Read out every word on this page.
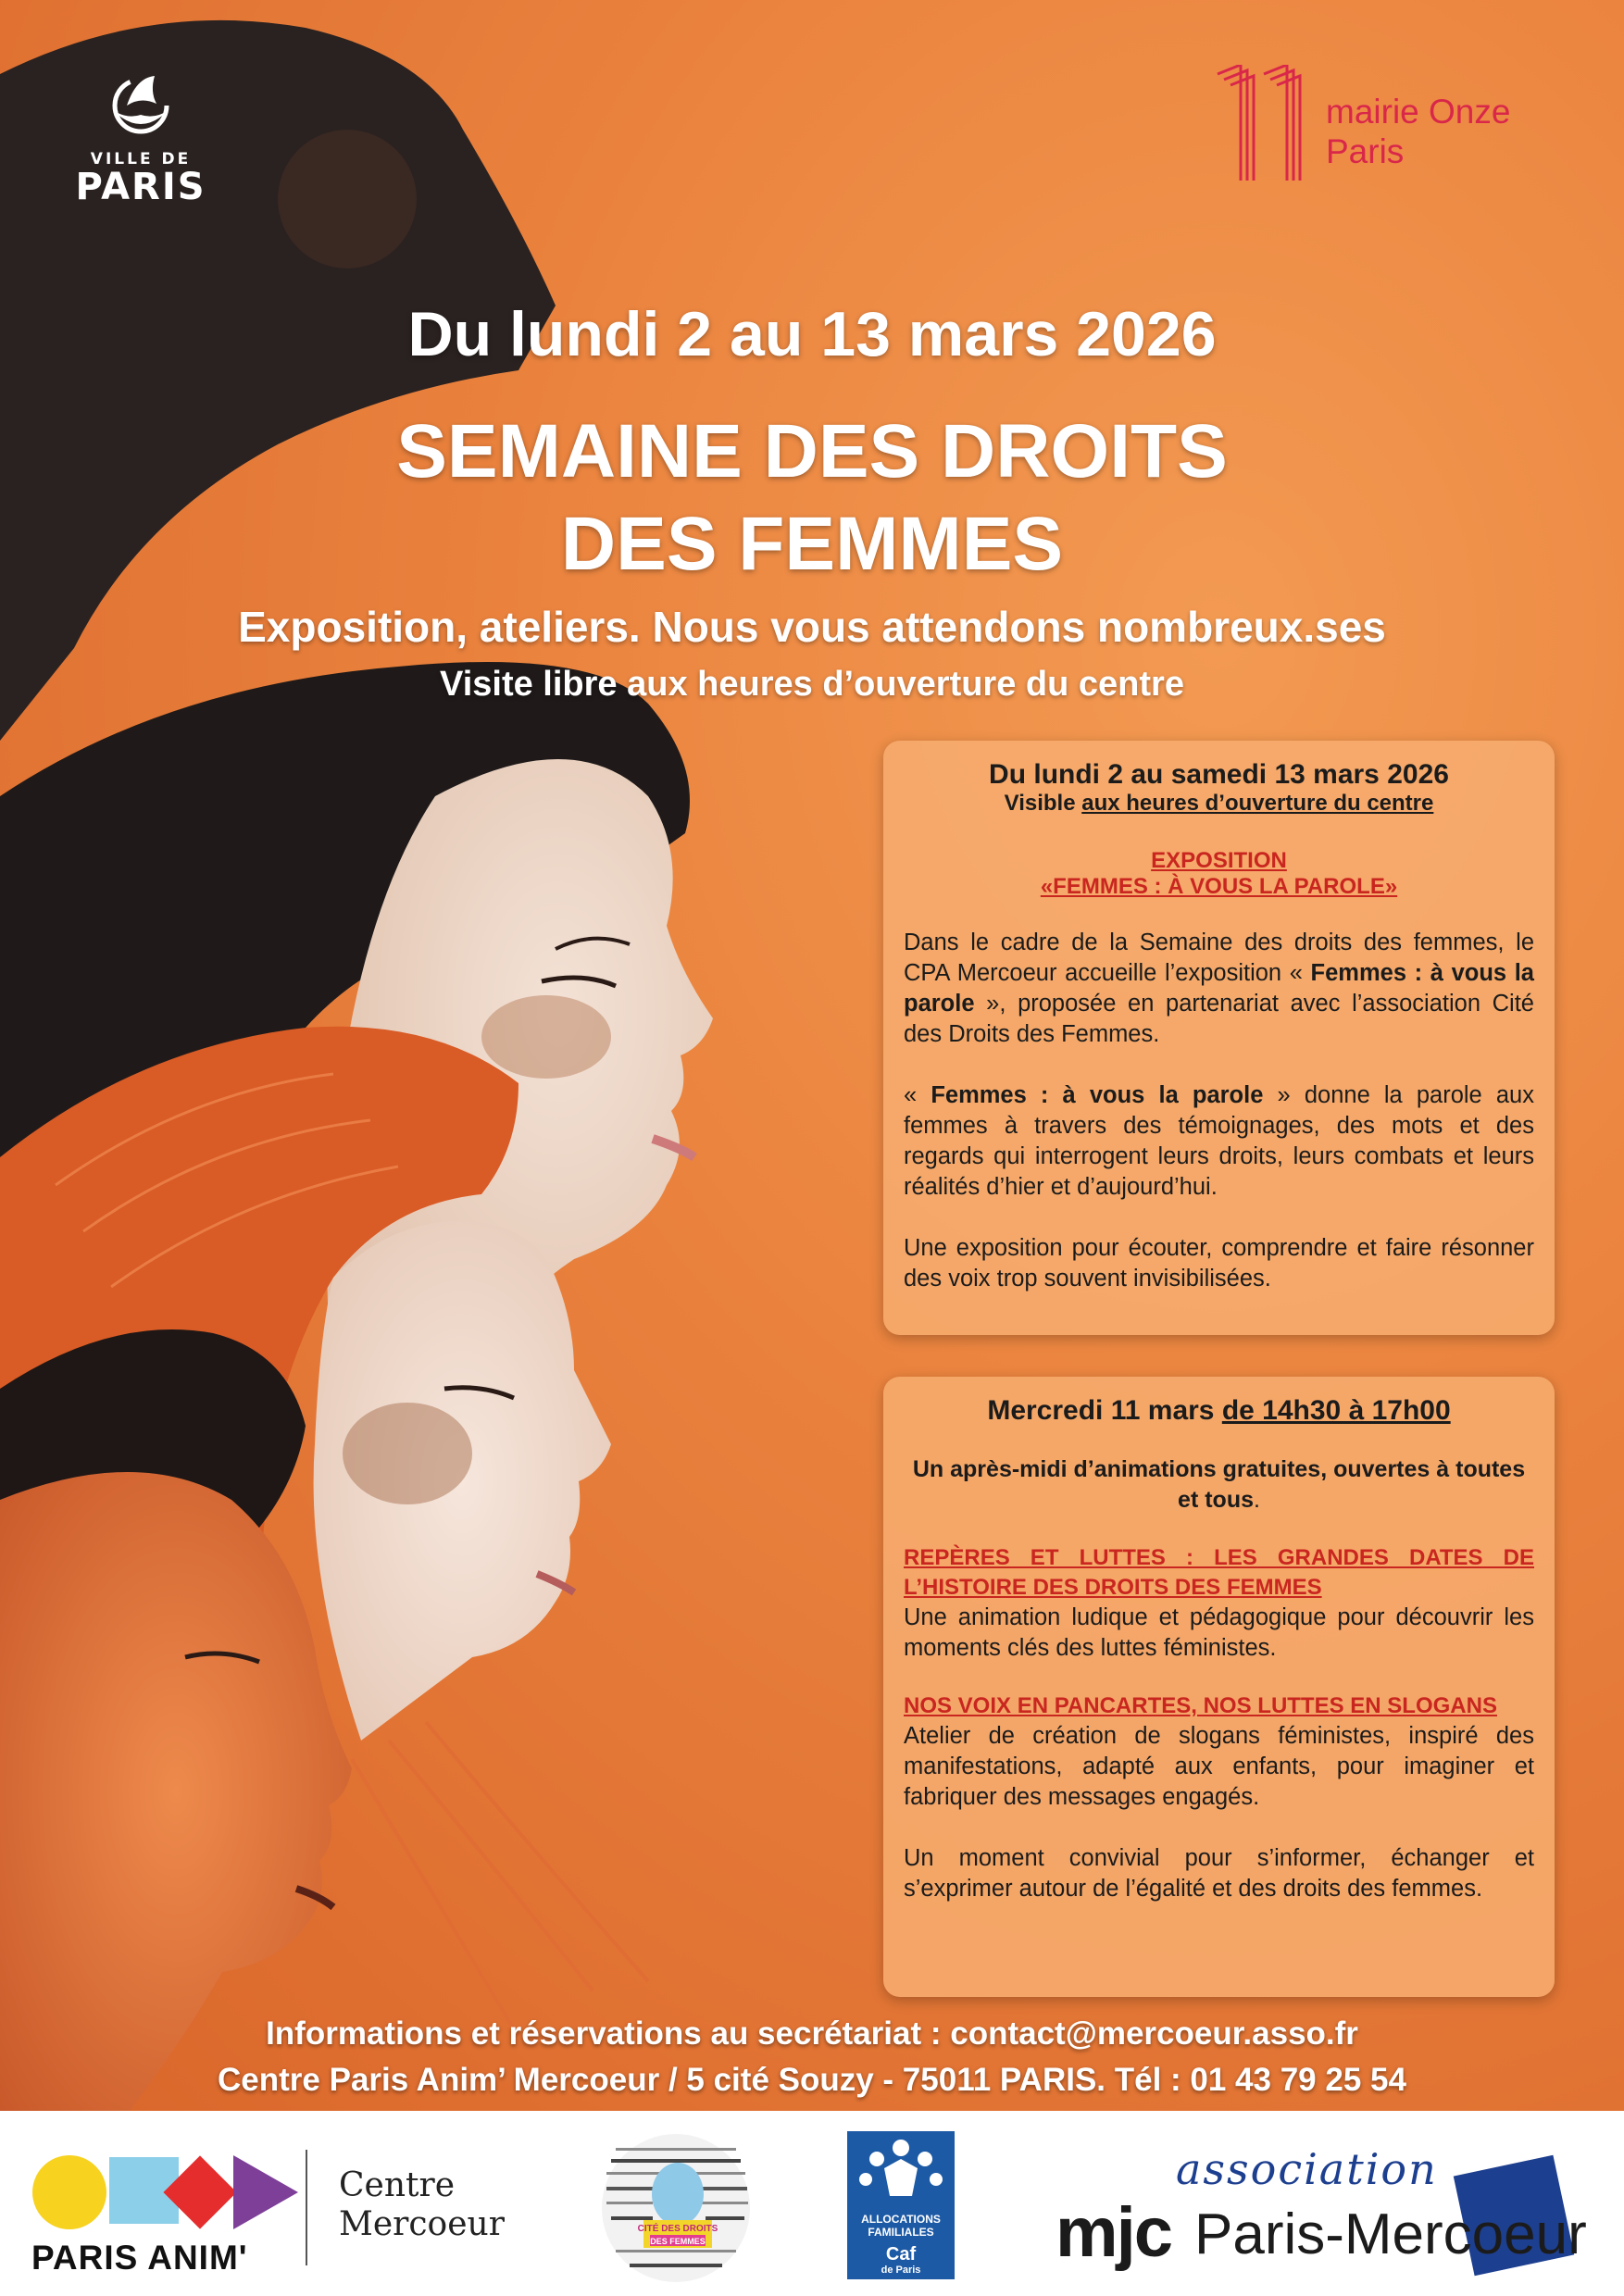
VILLE DE
PARIS
mairie Onze
Paris
Du lundi 2 au 13 mars 2026
SEMAINE DES DROITS
DES FEMMES
Exposition, ateliers. Nous vous attendons nombreux.ses
Visite libre aux heures d’ouverture du centre
Du lundi 2 au samedi 13 mars 2026
Visible aux heures d’ouverture du centre
EXPOSITION
«FEMMES : À VOUS LA PAROLE»

Dans le cadre de la Semaine des droits des femmes, le CPA Mercoeur accueille l’exposition « Femmes : à vous la parole », proposée en partenariat avec l’association Cité des Droits des Femmes.

« Femmes : à vous la parole » donne la parole aux femmes à travers des témoignages, des mots et des regards qui interrogent leurs droits, leurs combats et leurs réalités d’hier et d’aujourd’hui.

Une exposition pour écouter, comprendre et faire résonner des voix trop souvent invisibilisées.

Mercredi 11 mars de 14h30 à 17h00
Un après-midi d’animations gratuites, ouvertes à toutes et tous.
REPÈRES ET LUTTES : LES GRANDES DATES DE L’HISTOIRE DES DROITS DES FEMMES

Une animation ludique et pédagogique pour découvrir les moments clés des luttes féministes.

NOS VOIX EN PANCARTES, NOS LUTTES EN SLOGANS

Atelier de création de slogans féministes, inspiré des manifestations, adapté aux enfants, pour imaginer et fabriquer des messages engagés.

Un moment convivial pour s’informer, échanger et s’exprimer autour de l’égalité et des droits des femmes.

Informations et réservations au secrétariat : contact@mercoeur.asso.fr
Centre Paris Anim’ Mercoeur / 5 cité Souzy - 75011 PARIS. Tél : 01 43 79 25 54
PARIS ANIM'
Centre
Mercoeur	CITÉ DES DROITS
DES FEMMES
ALLOCATIONS
FAMILIALES
Caf
de Paris
association
mjc Paris-Mercoeur
